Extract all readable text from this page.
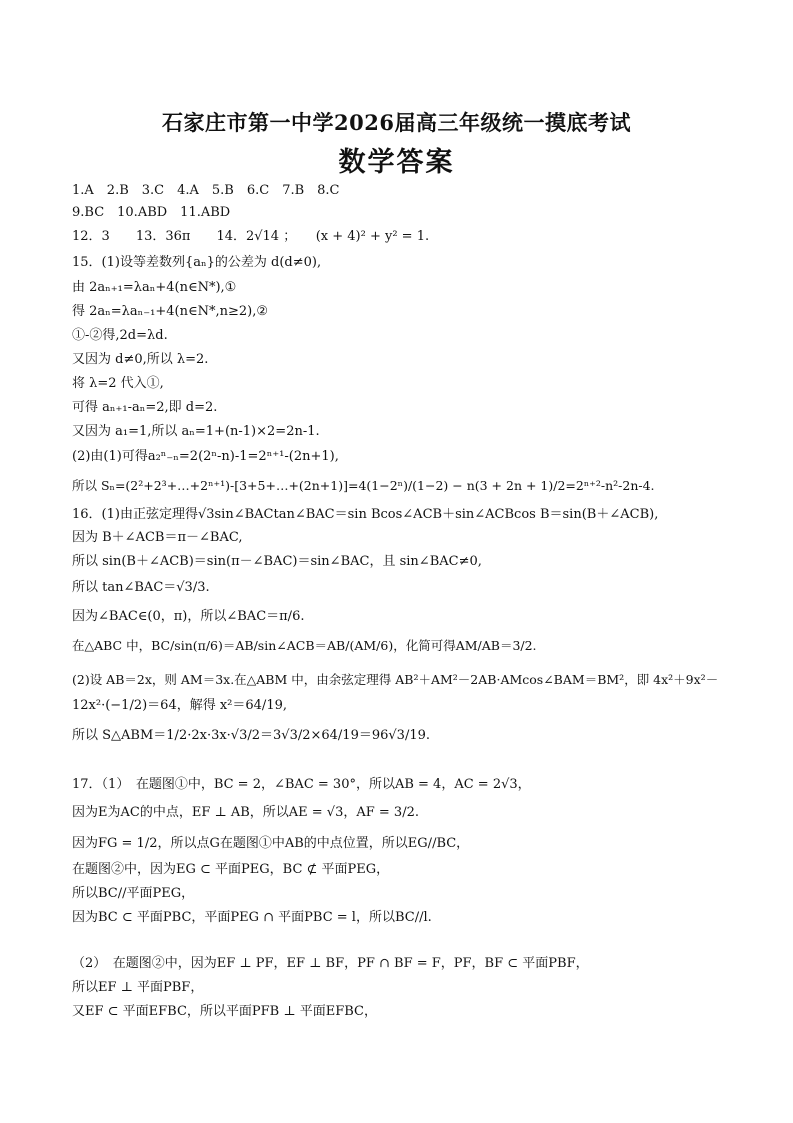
石家庄市第一中学2026届高三年级统一摸底考试
数学答案
1.A　2.B　3.C　4.A　5.B　6.C　7.B　8.C
9.BC　10.ABD　11.ABD
12．3　　13．36π　　14．2√14 ；　　(x + 4)² + y² = 1.
15．(1)设等差数列{aₙ}的公差为 d(d≠0),
由 2aₙ₊₁=λaₙ+4(n∈N*),①
得 2aₙ=λaₙ₋₁+4(n∈N*,n≥2),②
①-②得,2d=λd.
又因为 d≠0,所以 λ=2.
将 λ=2 代入①,
可得 aₙ₊₁-aₙ=2,即 d=2.
又因为 a₁=1,所以 aₙ=1+(n-1)×2=2n-1.
(2)由(1)可得a₂ⁿ₋ₙ=2(2ⁿ-n)-1=2ⁿ⁺¹-(2n+1),
所以 Sₙ=(2²+2³+…+2ⁿ⁺¹)-[3+5+…+(2n+1)]=4(1−2ⁿ)/(1−2) − n(3 + 2n + 1)/2=2ⁿ⁺²-n²-2n-4.
16．(1)由正弦定理得√3sin∠BACtan∠BAC＝sin Bcos∠ACB＋sin∠ACBcos B＝sin(B＋∠ACB),
因为 B＋∠ACB＝π－∠BAC,
所以 sin(B＋∠ACB)＝sin(π－∠BAC)＝sin∠BAC，且 sin∠BAC≠0,
所以 tan∠BAC＝√3/3.
因为∠BAC∈(0，π)，所以∠BAC＝π/6.
在△ABC 中，BC/sin(π/6)＝AB/sin∠ACB＝AB/(AM/6)，化简可得AM/AB＝3/2.
(2)设 AB＝2x，则 AM＝3x.在△ABM 中，由余弦定理得 AB²＋AM²－2AB·AMcos∠BAM＝BM²，即 4x²＋9x²－
12x²·(−1/2)＝64，解得 x²＝64/19,
所以 S△ABM＝1/2·2x·3x·√3/2＝3√3/2×64/19＝96√3/19.
17．（1）　在题图①中，BC = 2，∠BAC = 30°，所以AB = 4，AC = 2√3，
因为E为AC的中点，EF ⊥ AB，所以AE = √3，AF = 3/2.
因为FG = 1/2，所以点G在题图①中AB的中点位置，所以EG//BC，
在题图②中，因为EG ⊂ 平面PEG，BC ⊄ 平面PEG，
所以BC//平面PEG，
因为BC ⊂ 平面PBC，平面PEG ∩ 平面PBC = l，所以BC//l.
（2）　在题图②中，因为EF ⊥ PF，EF ⊥ BF，PF ∩ BF = F，PF，BF ⊂ 平面PBF，
所以EF ⊥ 平面PBF，
又EF ⊂ 平面EFBC，所以平面PFB ⊥ 平面EFBC，
